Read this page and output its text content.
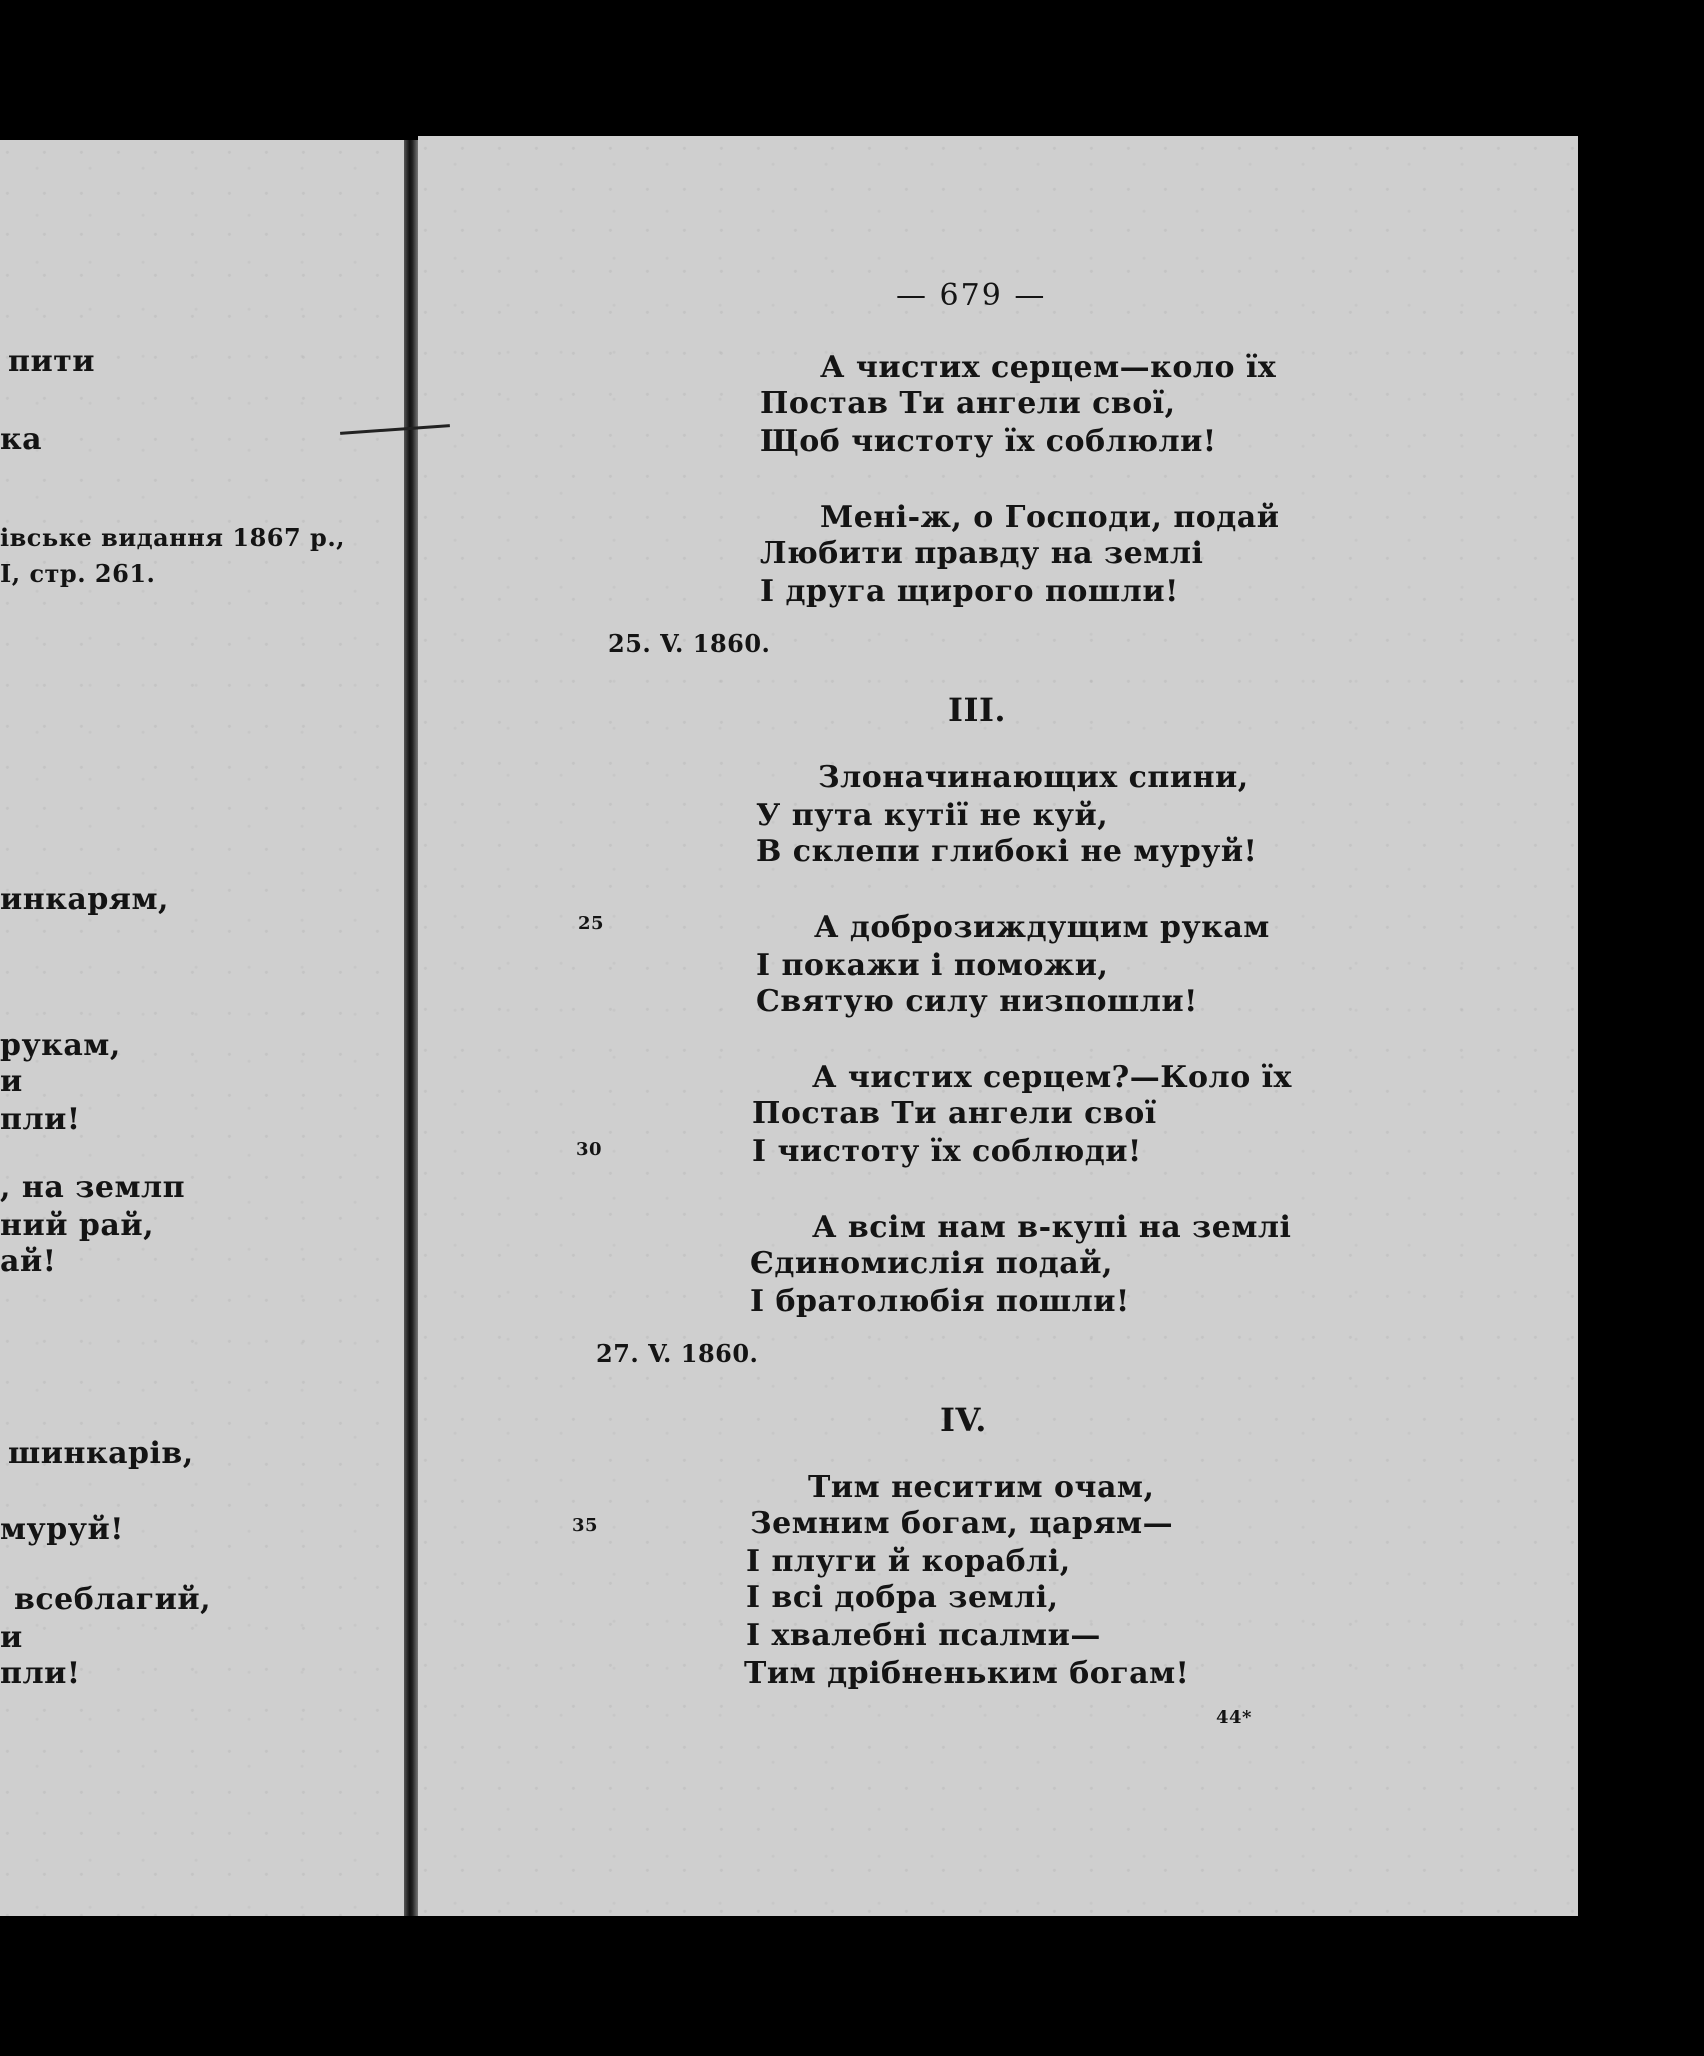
пити
ка
івське видання 1867 р.,
I, стр. 261.
инкарям,
рукам,
и
пли!
, на землп
ний рай,
ай!
шинкарів,
муруй!
всеблагий,
и
пли!
— 679 —
А чистих серцем—коло їх
Постав Ти ангели свої,
Щоб чистоту їх соблюли!
Мені-ж, о Господи, подай
Любити правду на землі
І друга щирого пошли!
25. V. 1860.
III.
Злоначинающих спини,
У пута кутії не куй,
В склепи глибокі не муруй!
25	А доброзиждущим рукам
І покажи і поможи,
Святую силу низпошли!
А чистих серцем?—Коло їх
Постав Ти ангели свої
І чистоту їх соблюди!
30
А всім нам в-купі на землі
Єдиномислія подай,
І братолюбія пошли!
27. V. 1860.
IV.
Тим неситим очам,
Земним богам, царям—
І плуги й кораблі,
І всі добра землі,
І хвалебні псалми—
Тим дрібненьким богам!
35
44*
